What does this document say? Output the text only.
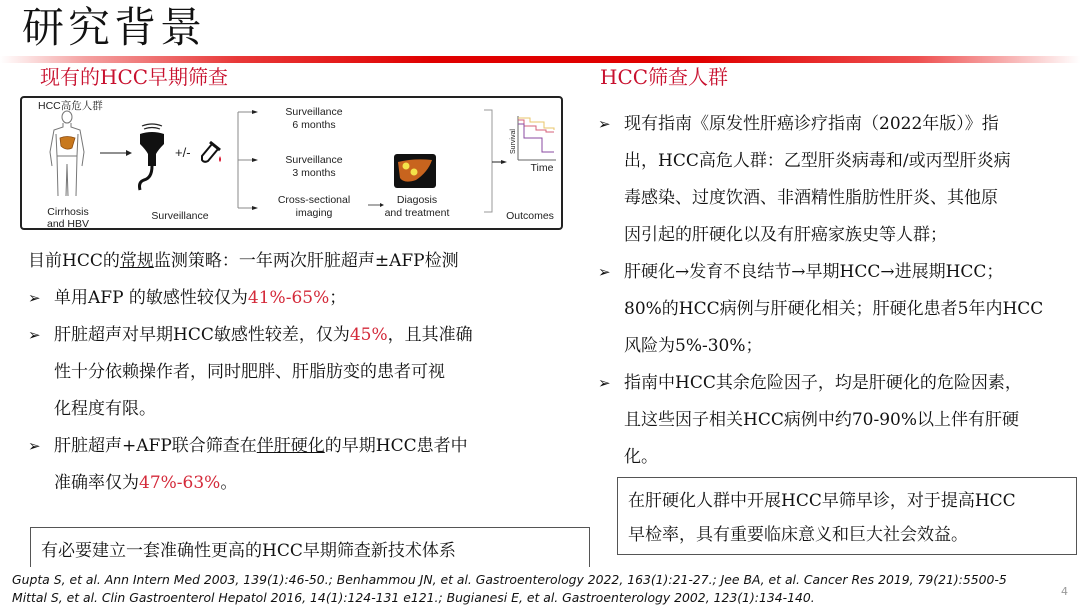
研究背景
现有的HCC早期筛查	HCC筛查人群
HCC高危人群
Cirrhosis
and HBV
+/-
Surveillance
Surveillance
6 months
Surveillance
3 months
Cross-sectional
imaging
Diagosis
and treatment
Survival
Time
Outcomes
目前HCC的常规监测策略：一年两次肝脏超声±AFP检测
➢ 单用AFP 的敏感性较仅为41%-65%；
➢ 肝脏超声对早期HCC敏感性较差，仅为45%，且其准确
性十分依赖操作者，同时肥胖、肝脂肪变的患者可视
化程度有限。
➢ 肝脏超声+AFP联合筛查在伴肝硬化的早期HCC患者中
准确率仅为47%-63%。
➢ 现有指南《原发性肝癌诊疗指南（2022年版）》指
出，HCC高危人群：乙型肝炎病毒和/或丙型肝炎病
毒感染、过度饮酒、非酒精性脂肪性肝炎、其他原
因引起的肝硬化以及有肝癌家族史等人群；
➢ 肝硬化→发育不良结节→早期HCC→进展期HCC；
80%的HCC病例与肝硬化相关；肝硬化患者5年内HCC
风险为5%-30%；
➢ 指南中HCC其余危险因子，均是肝硬化的危险因素，
且这些因子相关HCC病例中约70-90%以上伴有肝硬
化。
有必要建立一套准确性更高的HCC早期筛查新技术体系
在肝硬化人群中开展HCC早筛早诊，对于提高HCC
早检率，具有重要临床意义和巨大社会效益。
Gupta S, et al. Ann Intern Med 2003, 139(1):46-50.; Benhammou JN, et al. Gastroenterology 2022, 163(1):21-27.; Jee BA, et al. Cancer Res 2019, 79(21):5500-5
Mittal S, et al. Clin Gastroenterol Hepatol 2016, 14(1):124-131 e121.; Bugianesi E, et al. Gastroenterology 2002, 123(1):134-140.	4
